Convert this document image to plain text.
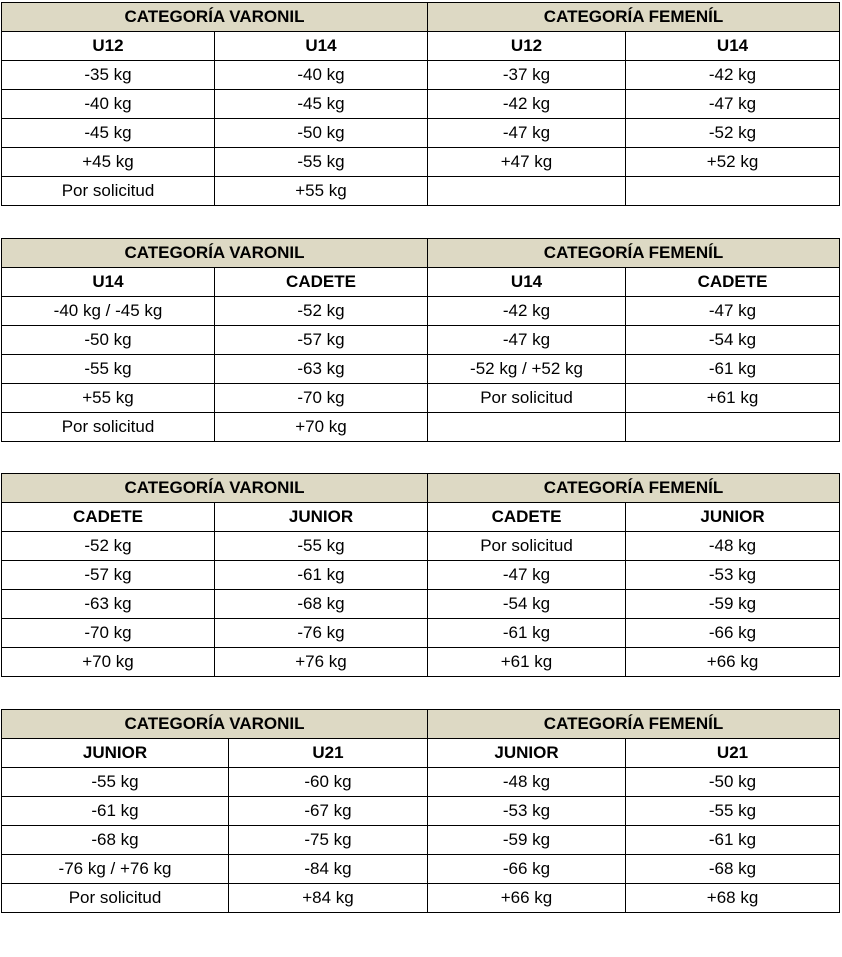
CATEGORÍA VARONIL		CATEGORÍA FEMENÍL	
U12	U14	U12	U14
-35 kg	-40 kg	-37 kg	-42 kg
-40 kg	-45 kg	-42 kg	-47 kg
-45 kg	-50 kg	-47 kg	-52 kg
+45 kg	-55 kg	+47 kg	+52 kg
Por solicitud	+55 kg		
CATEGORÍA VARONIL		CATEGORÍA FEMENÍL	
U14	CADETE	U14	CADETE
-40 kg / -45 kg	-52 kg	-42 kg	-47 kg
-50 kg	-57 kg	-47 kg	-54 kg
-55 kg	-63 kg	-52 kg / +52 kg	-61 kg
+55 kg	-70 kg	Por solicitud	+61 kg
Por solicitud	+70 kg		
CATEGORÍA VARONIL		CATEGORÍA FEMENÍL	
CADETE	JUNIOR	CADETE	JUNIOR
-52 kg	-55 kg	Por solicitud	-48 kg
-57 kg	-61 kg	-47 kg	-53 kg
-63 kg	-68 kg	-54 kg	-59 kg
-70 kg	-76 kg	-61 kg	-66 kg
+70 kg	+76 kg	+61 kg	+66 kg
CATEGORÍA VARONIL		CATEGORÍA FEMENÍL	
JUNIOR	U21	JUNIOR	U21
-55 kg	-60 kg	-48 kg	-50 kg
-61 kg	-67 kg	-53 kg	-55 kg
-68 kg	-75 kg	-59 kg	-61 kg
-76 kg / +76 kg	-84 kg	-66 kg	-68 kg
Por solicitud	+84 kg	+66 kg	+68 kg
